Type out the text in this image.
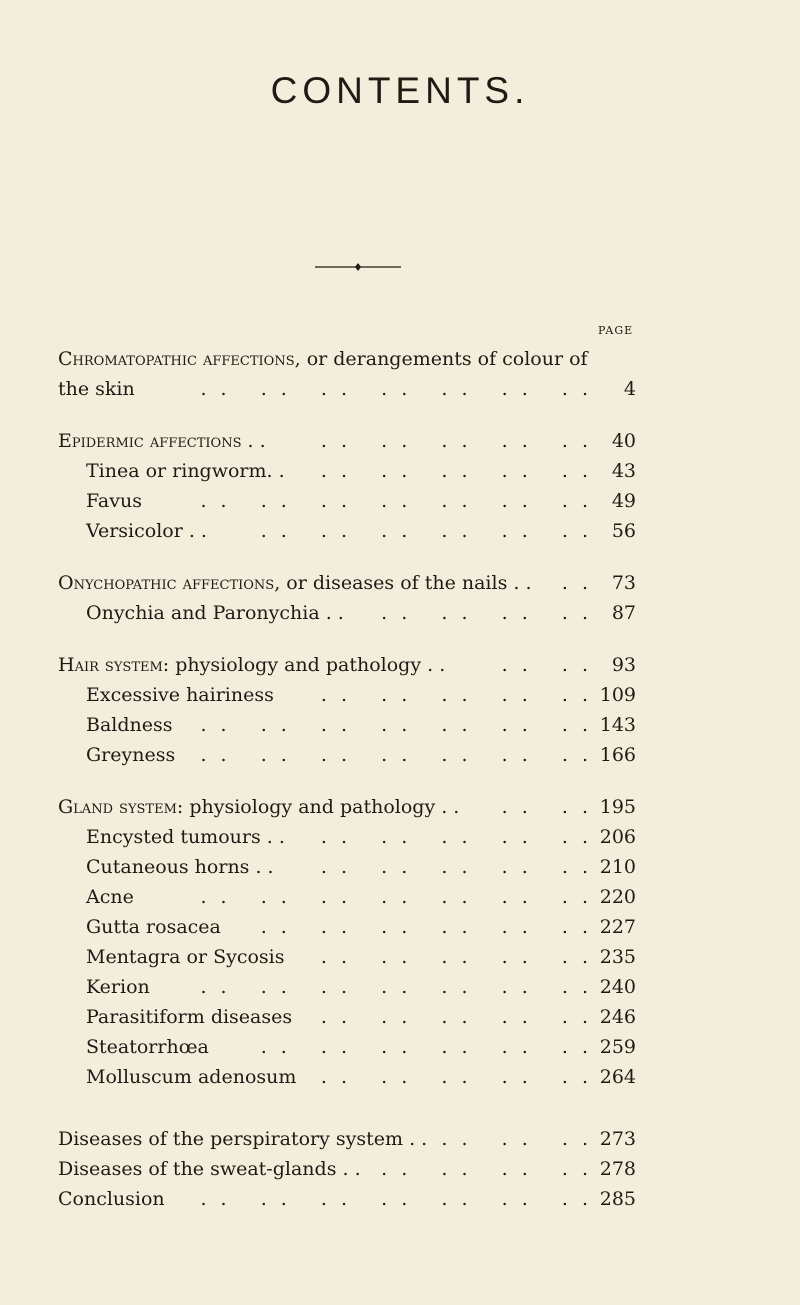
CONTENTS.
PAGE
Chromatopathic affections, or derangements of colour of
the skin	. .   . .   . .   . .   . .   . .   . .	4
Epidermic affections . .	. .   . .   . .   . .   . .	40
Tinea or ringworm. . . .   . .   . .   . .   . .	43
Favus	. .   . .   . .   . .   . .   . .   . .	49
Versicolor . .	. .   . .   . .   . .   . .   . .	56
Onychopathic affections, or diseases of the nails . . . .	73
Onychia and Paronychia . . . .   . .   . .   . .	87
Hair system: physiology and pathology . .	. .   . .	93
Excessive hairiness . .   . .   . .   . .   . . 109
Baldness . .   . .   . .   . .   . .   . .   . . 143
Greyness . .   . .   . .   . .   . .   . .   . . 166
Gland system: physiology and pathology . . . .   . . 195
Encysted tumours . . . .   . .   . .   . .   . . 206
Cutaneous horns . . . .   . .   . .   . .   . . 210
Acne	. .   . .   . .   . .   . .   . .   . . 220
Gutta rosacea . .   . .   . .   . .   . .   . . 227
Mentagra or Sycosis . .   . .   . .   . .   . . 235
Kerion	. .   . .   . .   . .   . .   . .   . . 240
Parasitiform diseases . .   . .   . .   . .   . . 246
Steatorrhœa	. .   . .   . .   . .   . .   . . 259
Molluscum adenosum . .   . .   . .   . .   . . 264
Diseases of the perspiratory system . . . .   . .   . . 273
Diseases of the sweat-glands . . . .   . .   . .   . . 278
Conclusion . .   . .   . .   . .   . .   . .   . . 285
